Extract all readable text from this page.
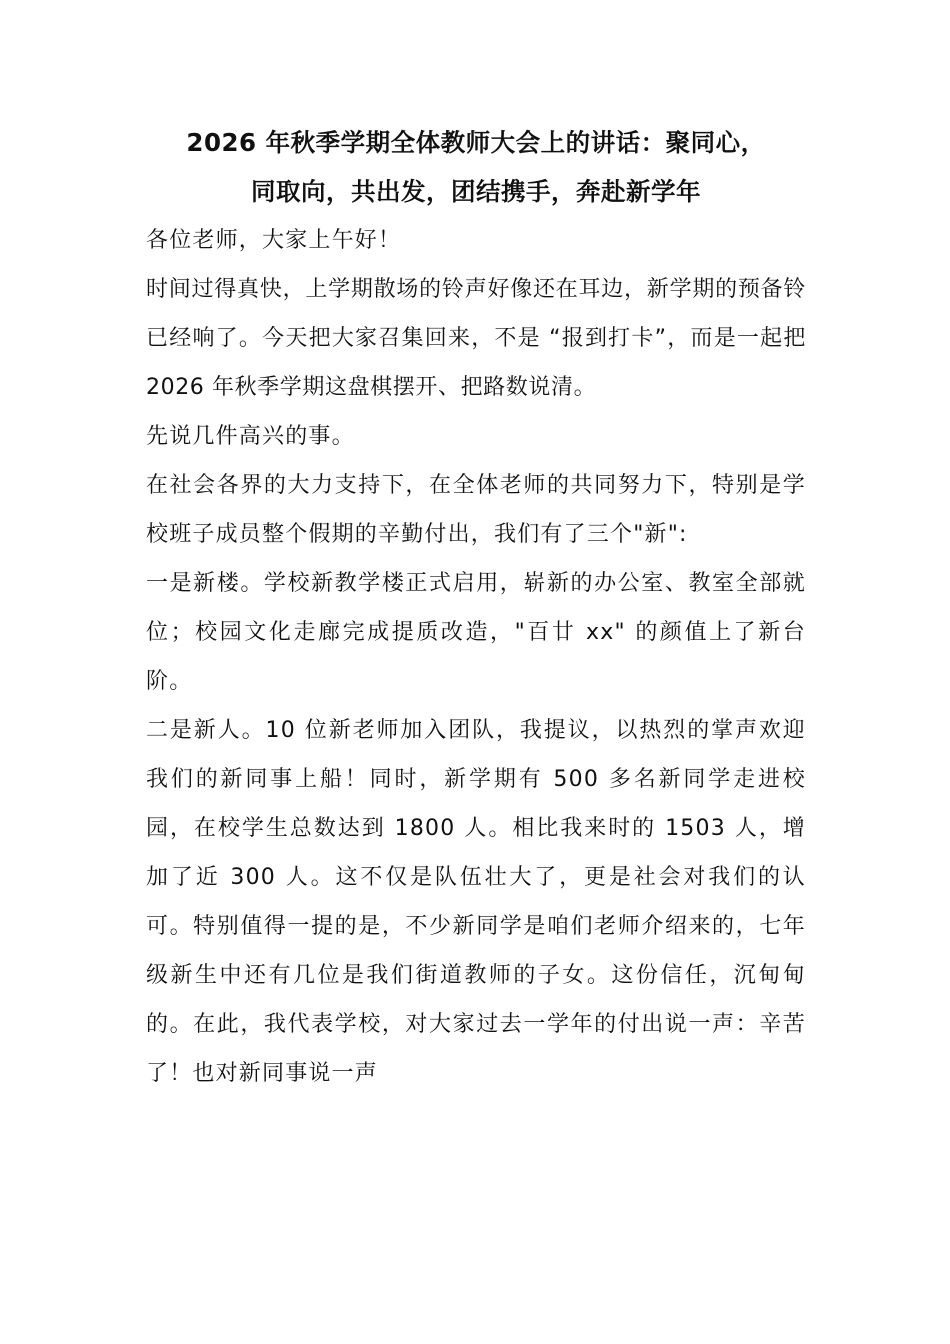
2026 年秋季学期全体教师大会上的讲话：聚同心，
同取向，共出发，团结携手，奔赴新学年

各位老师，大家上午好！

时间过得真快，上学期散场的铃声好像还在耳边，新学期的预备铃已经响了。今天把大家召集回来，不是 “报到打卡”，而是一起把 2026 年秋季学期这盘棋摆开、把路数说清。

先说几件高兴的事。

在社会各界的大力支持下，在全体老师的共同努力下，特别是学校班子成员整个假期的辛勤付出，我们有了三个"新":

一是新楼。学校新教学楼正式启用，崭新的办公室、教室全部就位；校园文化走廊完成提质改造，"百廿 xx" 的颜值上了新台阶。

二是新人。10 位新老师加入团队，我提议，以热烈的掌声欢迎我们的新同事上船！同时，新学期有 500 多名新同学走进校园，在校学生总数达到 1800 人。相比我来时的 1503 人，增加了近 300 人。这不仅是队伍壮大了，更是社会对我们的认可。特别值得一提的是，不少新同学是咱们老师介绍来的，七年级新生中还有几位是我们街道教师的子女。这份信任，沉甸甸的。在此，我代表学校，对大家过去一学年的付出说一声：辛苦了！也对新同事说一声
